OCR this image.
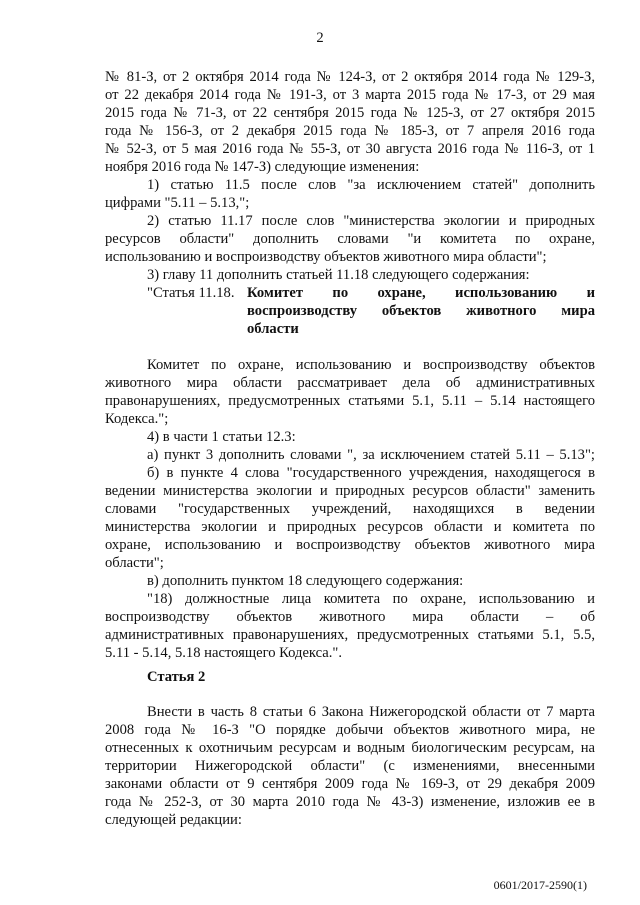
2
№ 81-З, от 2 октября 2014 года № 124-З, от 2 октября 2014 года № 129-З,
от 22 декабря 2014 года № 191-З, от 3 марта 2015 года № 17-З, от 29 мая
2015 года № 71-З, от 22 сентября 2015 года № 125-З, от 27 октября 2015
года № 156-З, от 2 декабря 2015 года № 185-З, от 7 апреля 2016 года
№ 52-З, от 5 мая 2016 года № 55-З, от 30 августа 2016 года № 116-З, от 1
ноября 2016 года № 147-З) следующие изменения:
1) статью 11.5 после слов "за исключением статей" дополнить
цифрами "5.11 – 5.13,";
2) статью 11.17 после слов "министерства экологии и природных
ресурсов области" дополнить словами "и комитета по охране,
использованию и воспроизводству объектов животного мира области";
3) главу 11 дополнить статьей 11.18 следующего содержания:
"Статья 11.18. Комитет по охране, использованию и
воспроизводству объектов животного мира
области
Комитет по охране, использованию и воспроизводству объектов
животного мира области рассматривает дела об административных
правонарушениях, предусмотренных статьями 5.1, 5.11 – 5.14 настоящего
Кодекса.";
4) в части 1 статьи 12.3:
а) пункт 3 дополнить словами ", за исключением статей 5.11 – 5.13";
б) в пункте 4 слова "государственного учреждения, находящегося в
ведении министерства экологии и природных ресурсов области" заменить
словами "государственных учреждений, находящихся в ведении
министерства экологии и природных ресурсов области и комитета по
охране, использованию и воспроизводству объектов животного мира
области";
в) дополнить пунктом 18 следующего содержания:
"18) должностные лица комитета по охране, использованию и
воспроизводству объектов животного мира области – об
административных правонарушениях, предусмотренных статьями 5.1, 5.5,
5.11 - 5.14, 5.18 настоящего Кодекса.".
Статья 2
Внести в часть 8 статьи 6 Закона Нижегородской области от 7 марта
2008 года № 16-З "О порядке добычи объектов животного мира, не
отнесенных к охотничьим ресурсам и водным биологическим ресурсам, на
территории Нижегородской области" (с изменениями, внесенными
законами области от 9 сентября 2009 года № 169-З, от 29 декабря 2009
года № 252-З, от 30 марта 2010 года № 43-З) изменение, изложив ее в
следующей редакции:
0601/2017-2590(1)
